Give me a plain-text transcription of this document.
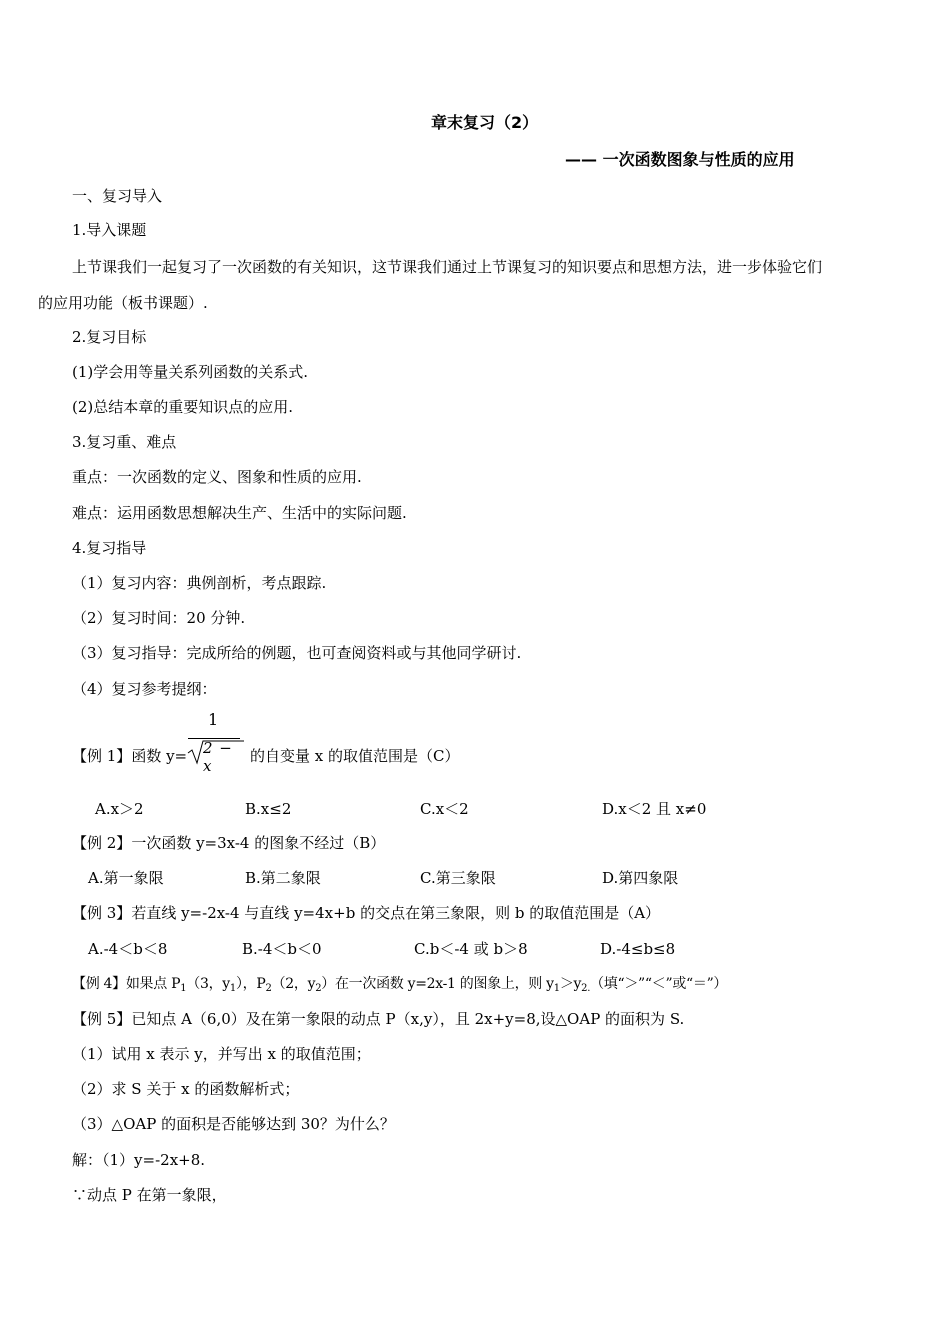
章末复习（2）
—— 一次函数图象与性质的应用
一、复习导入
1.导入课题
上节课我们一起复习了一次函数的有关知识，这节课我们通过上节课复习的知识要点和思想方法，进一步体验它们
的应用功能（板书课题）.
2.复习目标
(1)学会用等量关系列函数的关系式.
(2)总结本章的重要知识点的应用.
3.复习重、难点
重点：一次函数的定义、图象和性质的应用.
难点：运用函数思想解决生产、生活中的实际问题.
4.复习指导
（1）复习内容：典例剖析，考点跟踪.
（2）复习时间：20 分钟.
（3）复习指导：完成所给的例题，也可查阅资料或与其他同学研讨.
（4）复习参考提纲：
【例 1】函数 y=
1
2 − x
的自变量 x 的取值范围是（C）
A.x＞2	B.x≤2	C.x＜2	D.x＜2 且 x≠0
【例 2】一次函数 y=3x-4 的图象不经过（B）
A.第一象限	B.第二象限	C.第三象限	D.第四象限
【例 3】若直线 y=-2x-4 与直线 y=4x+b 的交点在第三象限，则 b 的取值范围是（A）
A.-4＜b＜8	B.-4＜b＜0	C.b＜-4 或 b＞8	D.-4≤b≤8
【例 4】如果点 $P_1(3$，$y_1$），$P_2(2$，$y_2$）在一次函数 y=2x-1 的图象上，则 $y_1>y_{2.}$（填“＞”“＜”或“＝”）
【例 5】已知点 A（6,0）及在第一象限的动点 P（x,y），且 2x+y=8,设△OAP 的面积为 S.
（1）试用 x 表示 y，并写出 x 的取值范围；
（2）求 S 关于 x 的函数解析式；
（3）△OAP 的面积是否能够达到 30？为什么？
解：（1）y=-2x+8.
∵动点 P 在第一象限，
